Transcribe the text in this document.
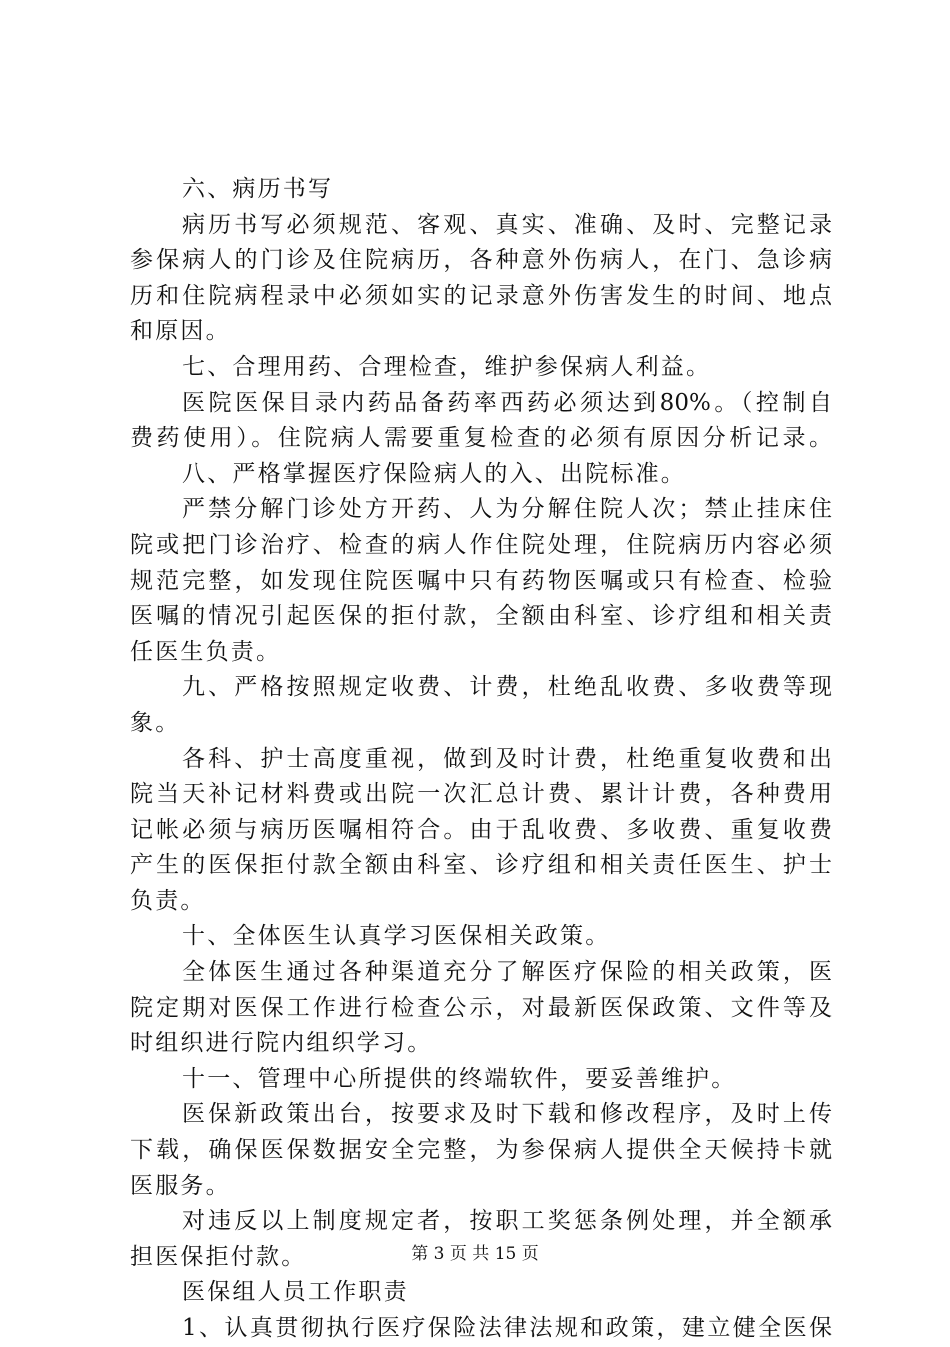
六、病历书写
病历书写必须规范、客观、真实、准确、及时、完整记录
参保病人的门诊及住院病历，各种意外伤病人，在门、急诊病
历和住院病程录中必须如实的记录意外伤害发生的时间、地点
和原因。
七、合理用药、合理检查，维护参保病人利益。
医院医保目录内药品备药率西药必须达到80%。（控制自
费药使用）。住院病人需要重复检查的必须有原因分析记录。
八、严格掌握医疗保险病人的入、出院标准。
严禁分解门诊处方开药、人为分解住院人次；禁止挂床住
院或把门诊治疗、检查的病人作住院处理，住院病历内容必须
规范完整，如发现住院医嘱中只有药物医嘱或只有检查、检验
医嘱的情况引起医保的拒付款，全额由科室、诊疗组和相关责
任医生负责。
九、严格按照规定收费、计费，杜绝乱收费、多收费等现
象。
各科、护士高度重视，做到及时计费，杜绝重复收费和出
院当天补记材料费或出院一次汇总计费、累计计费，各种费用
记帐必须与病历医嘱相符合。由于乱收费、多收费、重复收费
产生的医保拒付款全额由科室、诊疗组和相关责任医生、护士
负责。
十、全体医生认真学习医保相关政策。
全体医生通过各种渠道充分了解医疗保险的相关政策，医
院定期对医保工作进行检查公示，对最新医保政策、文件等及
时组织进行院内组织学习。
十一、管理中心所提供的终端软件，要妥善维护。
医保新政策出台，按要求及时下载和修改程序，及时上传
下载，确保医保数据安全完整，为参保病人提供全天候持卡就
医服务。
对违反以上制度规定者，按职工奖惩条例处理，并全额承
担医保拒付款。
医保组人员工作职责
1、认真贯彻执行医疗保险法律法规和政策，建立健全医保
第 3 页 共 15 页
